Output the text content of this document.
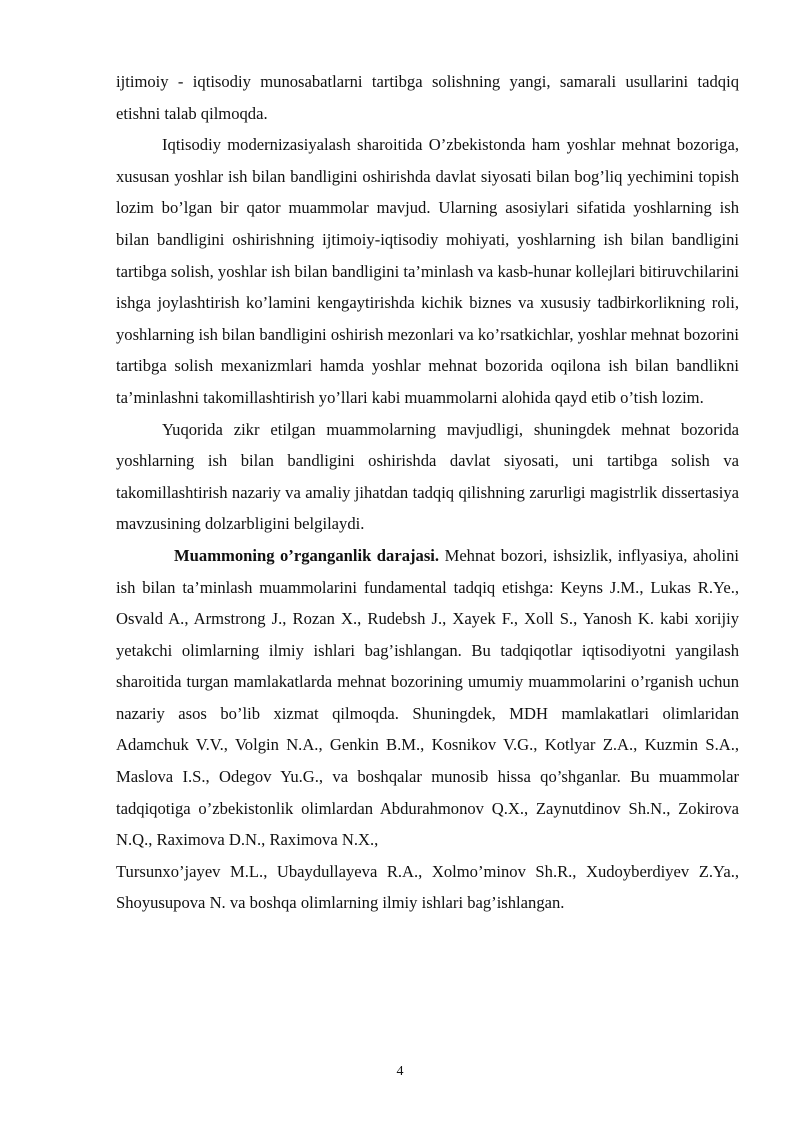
ijtimoiy - iqtisodiy munosabatlarni tartibga solishning yangi, samarali usullarini tadqiq etishni talab qilmoqda.

Iqtisodiy modernizasiyalash sharoitida O’zbekistonda ham yoshlar mehnat bozoriga, xususan yoshlar ish bilan bandligini oshirishda davlat siyosati bilan bog’liq yechimini topish lozim bo’lgan bir qator muammolar mavjud. Ularning asosiylari sifatida yoshlarning ish bilan bandligini oshirishning ijtimoiy-iqtisodiy mohiyati, yoshlarning ish bilan bandligini tartibga solish, yoshlar ish bilan bandligini ta’minlash va kasb-hunar kollejlari bitiruvchilarini ishga joylashtirish ko’lamini kengaytirishda kichik biznes va xususiy tadbirkorlikning roli, yoshlarning ish bilan bandligini oshirish mezonlari va ko’rsatkichlar, yoshlar mehnat bozorini tartibga solish mexanizmlari hamda yoshlar mehnat bozorida oqilona ish bilan bandlikni ta’minlashni takomillashtirish yo’llari kabi muammolarni alohida qayd etib o’tish lozim.

Yuqorida zikr etilgan muammolarning mavjudligi, shuningdek mehnat bozorida yoshlarning ish bilan bandligini oshirishda davlat siyosati, uni tartibga solish va takomillashtirish nazariy va amaliy jihatdan tadqiq qilishning zarurligi magistrlik dissertasiya mavzusining dolzarbligini belgilaydi.

Muammoning o’rganganlik darajasi. Mehnat bozori, ishsizlik, inflyasiya, aholini ish bilan ta’minlash muammolarini fundamental tadqiq etishga: Keyns J.M., Lukas R.Ye., Osvald A., Armstrong J., Rozan X., Rudebsh J., Xayek F., Xoll S., Yanosh K. kabi xorijiy yetakchi olimlarning ilmiy ishlari bag’ishlangan. Bu tadqiqotlar iqtisodiyotni yangilash sharoitida turgan mamlakatlarda mehnat bozorining umumiy muammolarini o’rganish uchun nazariy asos bo’lib xizmat qilmoqda. Shuningdek, MDH mamlakatlari olimlaridan Adamchuk V.V., Volgin N.A., Genkin B.M., Kosnikov V.G., Kotlyar Z.A., Kuzmin S.A., Maslova I.S., Odegov Yu.G., va boshqalar munosib hissa qo’shganlar. Bu muammolar tadqiqotiga o’zbekistonlik olimlardan Abdurahmonov Q.X., Zaynutdinov Sh.N., Zokirova N.Q., Raximova D.N., Raximova N.X.,

Tursunxo’jayev M.L., Ubaydullayeva R.A., Xolmo’minov Sh.R., Xudoyberdiyev Z.Ya., Shoyusupova N. va boshqa olimlarning ilmiy ishlari bag’ishlangan.

4
